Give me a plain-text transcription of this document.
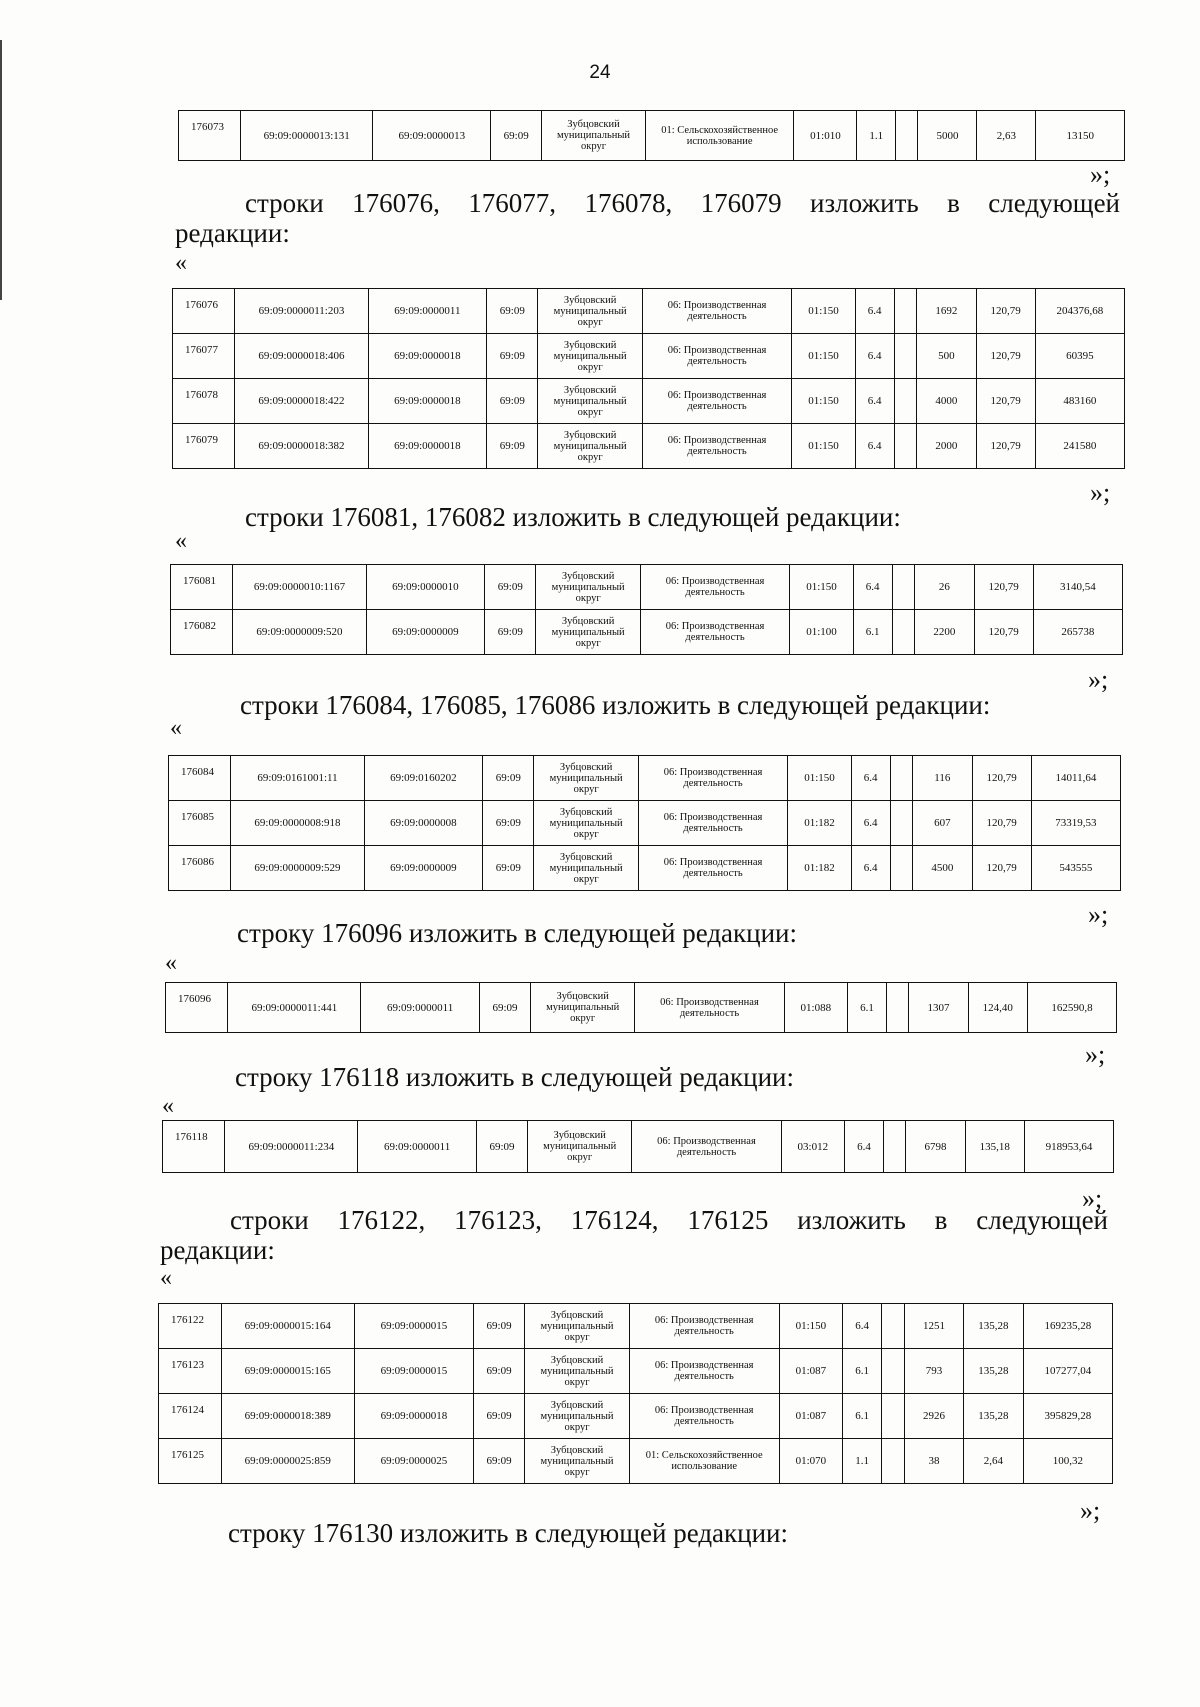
24
176073	69:09:0000013:131	69:09:0000013	69:09	Зубцовский муниципальный округ	01: Сельскохозяйственное использование	01:010	1.1		5000	2,63	13150
»;
строки 176076, 176077, 176078, 176079 изложить в следующей
редакции:
«
176076	69:09:0000011:203	69:09:0000011	69:09	Зубцовский муниципальный округ	06: Производственная деятельность	01:150	6.4		1692	120,79	204376,68
176077	69:09:0000018:406	69:09:0000018	69:09	Зубцовский муниципальный округ	06: Производственная деятельность	01:150	6.4		500	120,79	60395
176078	69:09:0000018:422	69:09:0000018	69:09	Зубцовский муниципальный округ	06: Производственная деятельность	01:150	6.4		4000	120,79	483160
176079	69:09:0000018:382	69:09:0000018	69:09	Зубцовский муниципальный округ	06: Производственная деятельность	01:150	6.4		2000	120,79	241580
»;
строки 176081, 176082 изложить в следующей редакции:
«
176081	69:09:0000010:1167	69:09:0000010	69:09	Зубцовский муниципальный округ	06: Производственная деятельность	01:150	6.4		26	120,79	3140,54
176082	69:09:0000009:520	69:09:0000009	69:09	Зубцовский муниципальный округ	06: Производственная деятельность	01:100	6.1		2200	120,79	265738
»;
строки 176084, 176085, 176086 изложить в следующей редакции:
«
176084	69:09:0161001:11	69:09:0160202	69:09	Зубцовский муниципальный округ	06: Производственная деятельность	01:150	6.4		116	120,79	14011,64
176085	69:09:0000008:918	69:09:0000008	69:09	Зубцовский муниципальный округ	06: Производственная деятельность	01:182	6.4		607	120,79	73319,53
176086	69:09:0000009:529	69:09:0000009	69:09	Зубцовский муниципальный округ	06: Производственная деятельность	01:182	6.4		4500	120,79	543555
»;
строку 176096 изложить в следующей редакции:
«
176096	69:09:0000011:441	69:09:0000011	69:09	Зубцовский муниципальный округ	06: Производственная деятельность	01:088	6.1		1307	124,40	162590,8
»;
строку 176118 изложить в следующей редакции:
«
176118	69:09:0000011:234	69:09:0000011	69:09	Зубцовский муниципальный округ	06: Производственная деятельность	03:012	6.4		6798	135,18	918953,64
»;
строки 176122, 176123, 176124, 176125 изложить в следующей
редакции:
«
176122	69:09:0000015:164	69:09:0000015	69:09	Зубцовский муниципальный округ	06: Производственная деятельность	01:150	6.4		1251	135,28	169235,28
176123	69:09:0000015:165	69:09:0000015	69:09	Зубцовский муниципальный округ	06: Производственная деятельность	01:087	6.1		793	135,28	107277,04
176124	69:09:0000018:389	69:09:0000018	69:09	Зубцовский муниципальный округ	06: Производственная деятельность	01:087	6.1		2926	135,28	395829,28
176125	69:09:0000025:859	69:09:0000025	69:09	Зубцовский муниципальный округ	01: Сельскохозяйственное использование	01:070	1.1		38	2,64	100,32
»;
строку 176130 изложить в следующей редакции:
